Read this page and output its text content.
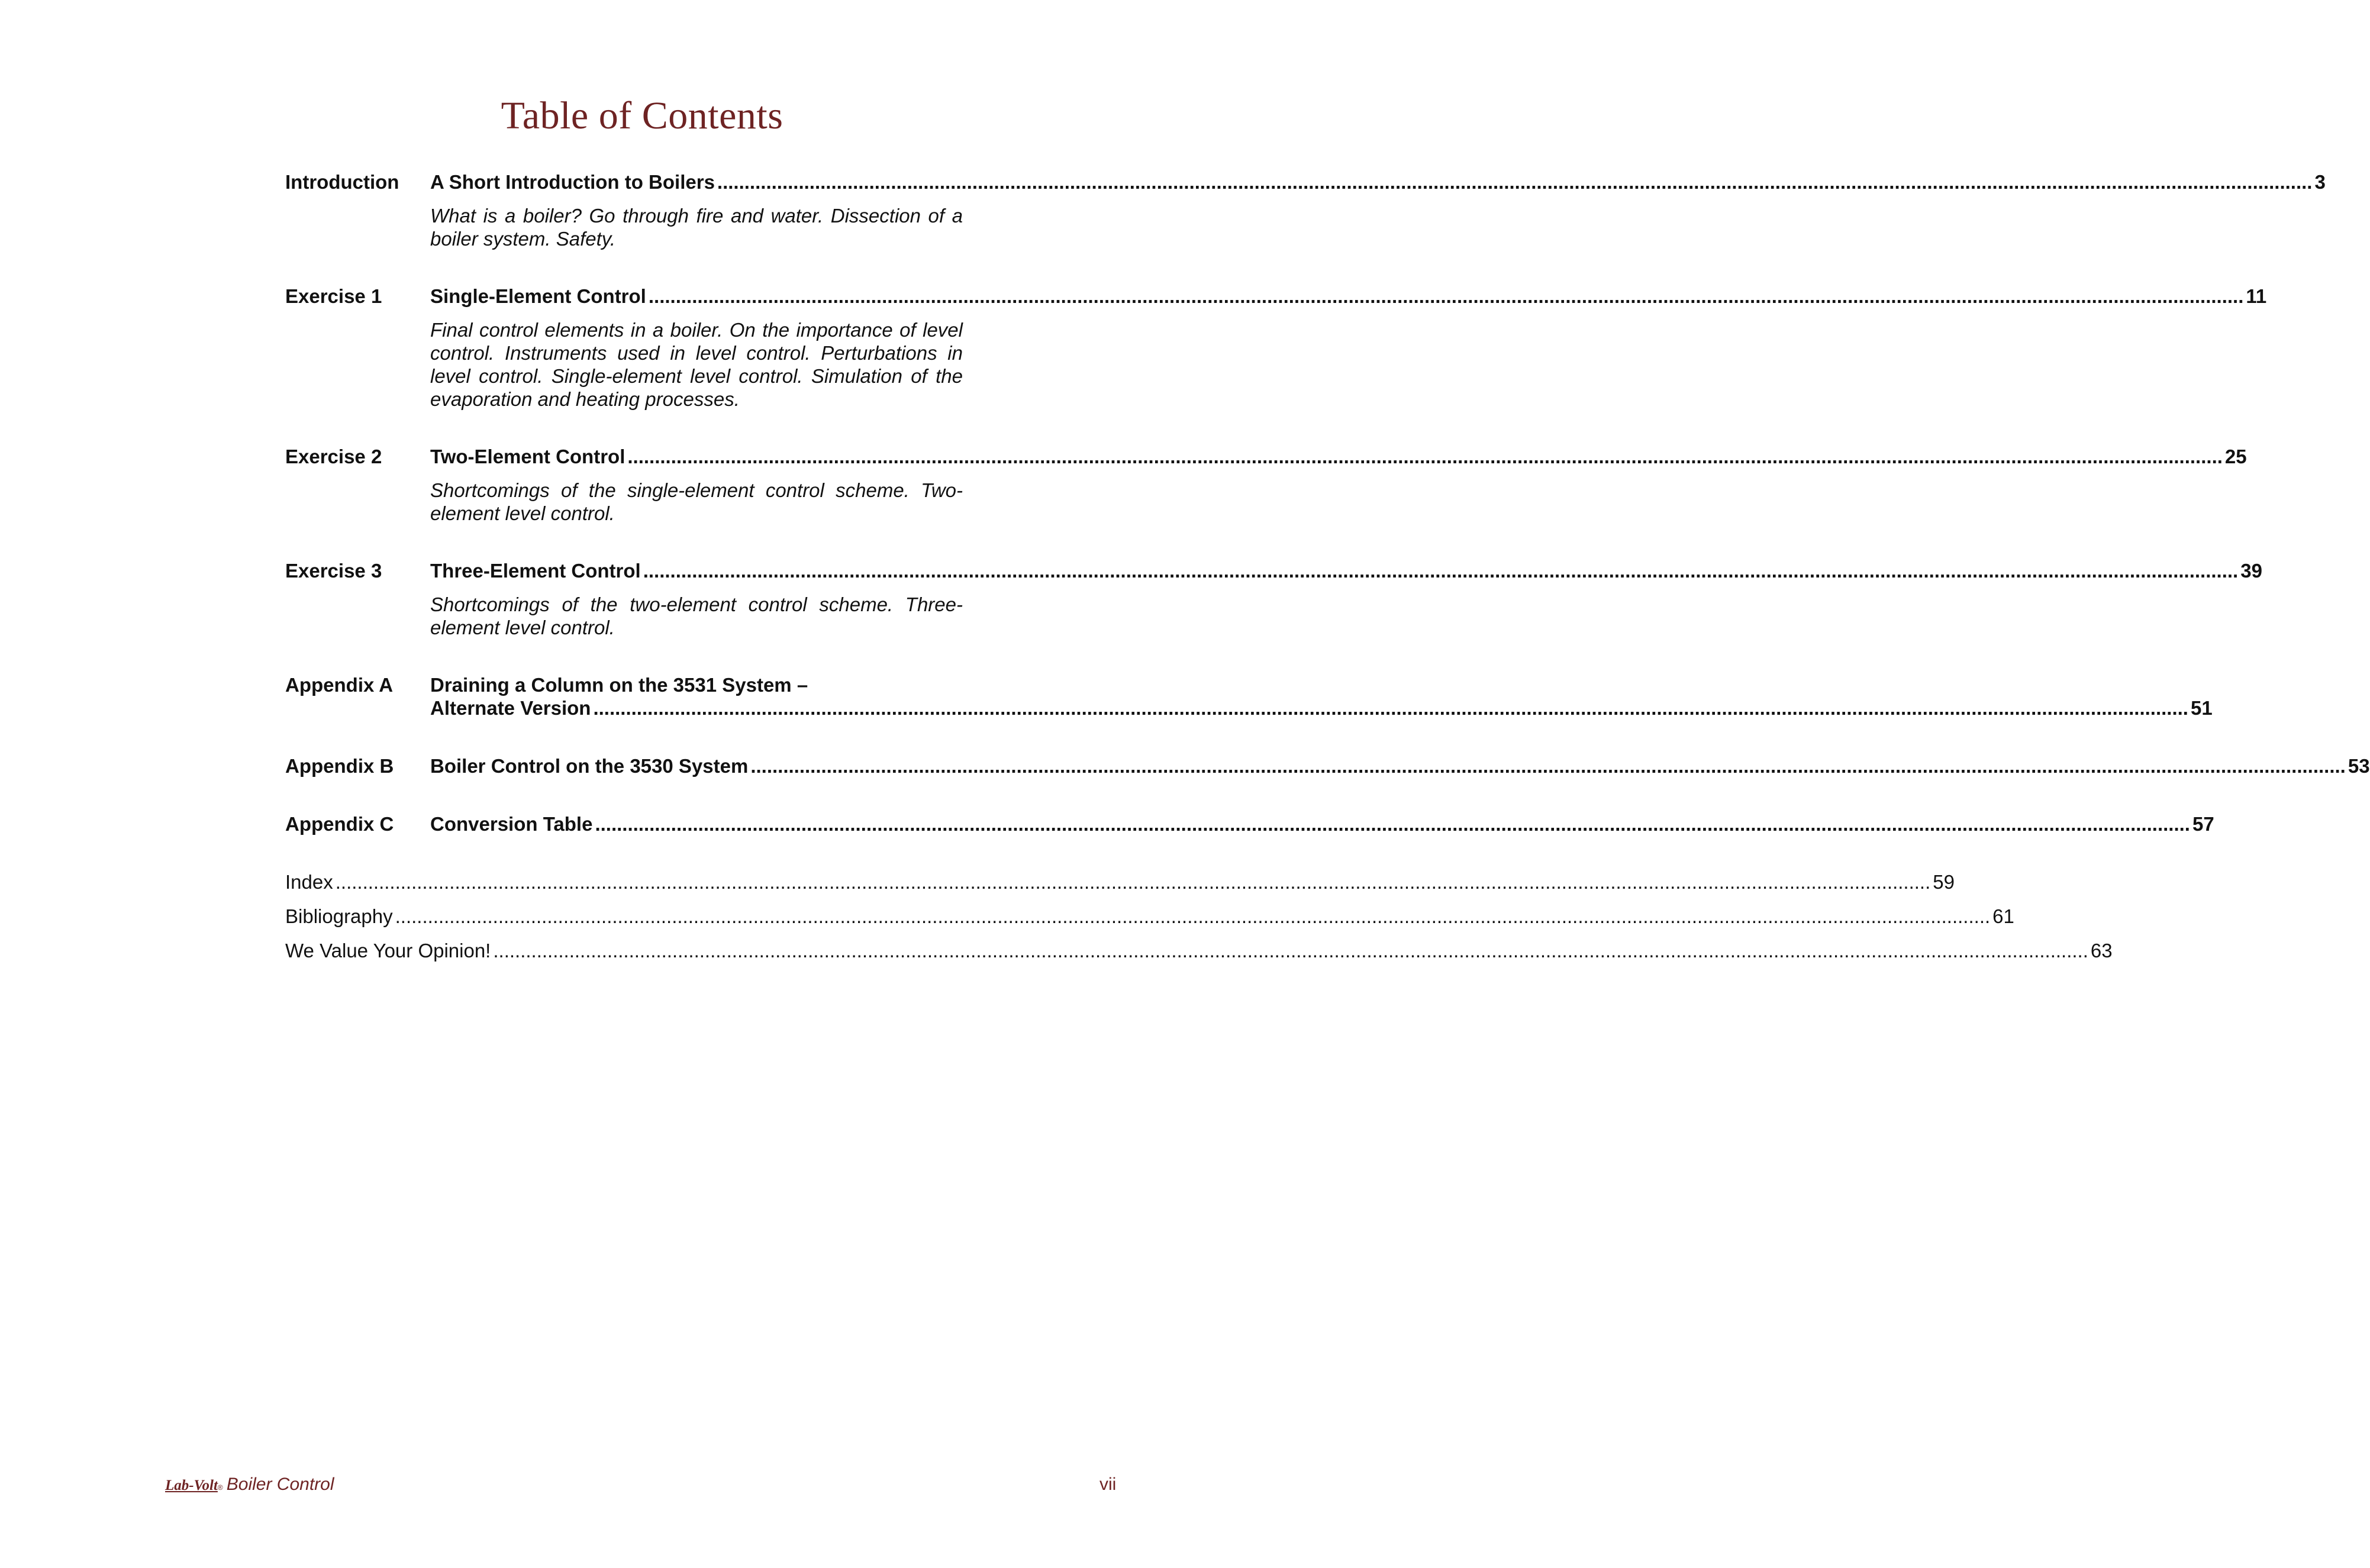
Table of Contents
Introduction	A Short Introduction to Boilers .....	3
What is a boiler? Go through fire and water. Dissection of a boiler system. Safety.
Exercise 1	Single-Element Control .....	11
Final control elements in a boiler. On the importance of level control. Instruments used in level control. Perturbations in level control. Single-element level control. Simulation of the evaporation and heating processes.
Exercise 2	Two-Element Control .....	25
Shortcomings of the single-element control scheme. Two-element level control.
Exercise 3	Three-Element Control .....	39
Shortcomings of the two-element control scheme. Three-element level control.
Appendix A	Draining a Column on the 3531 System –
Alternate Version .....	51
Appendix B	Boiler Control on the 3530 System .....	53
Appendix C	Conversion Table .....	57
Index .....	59
Bibliography .....	61
We Value Your Opinion! .....	63
Lab-Volt ® Boiler Control	vii
